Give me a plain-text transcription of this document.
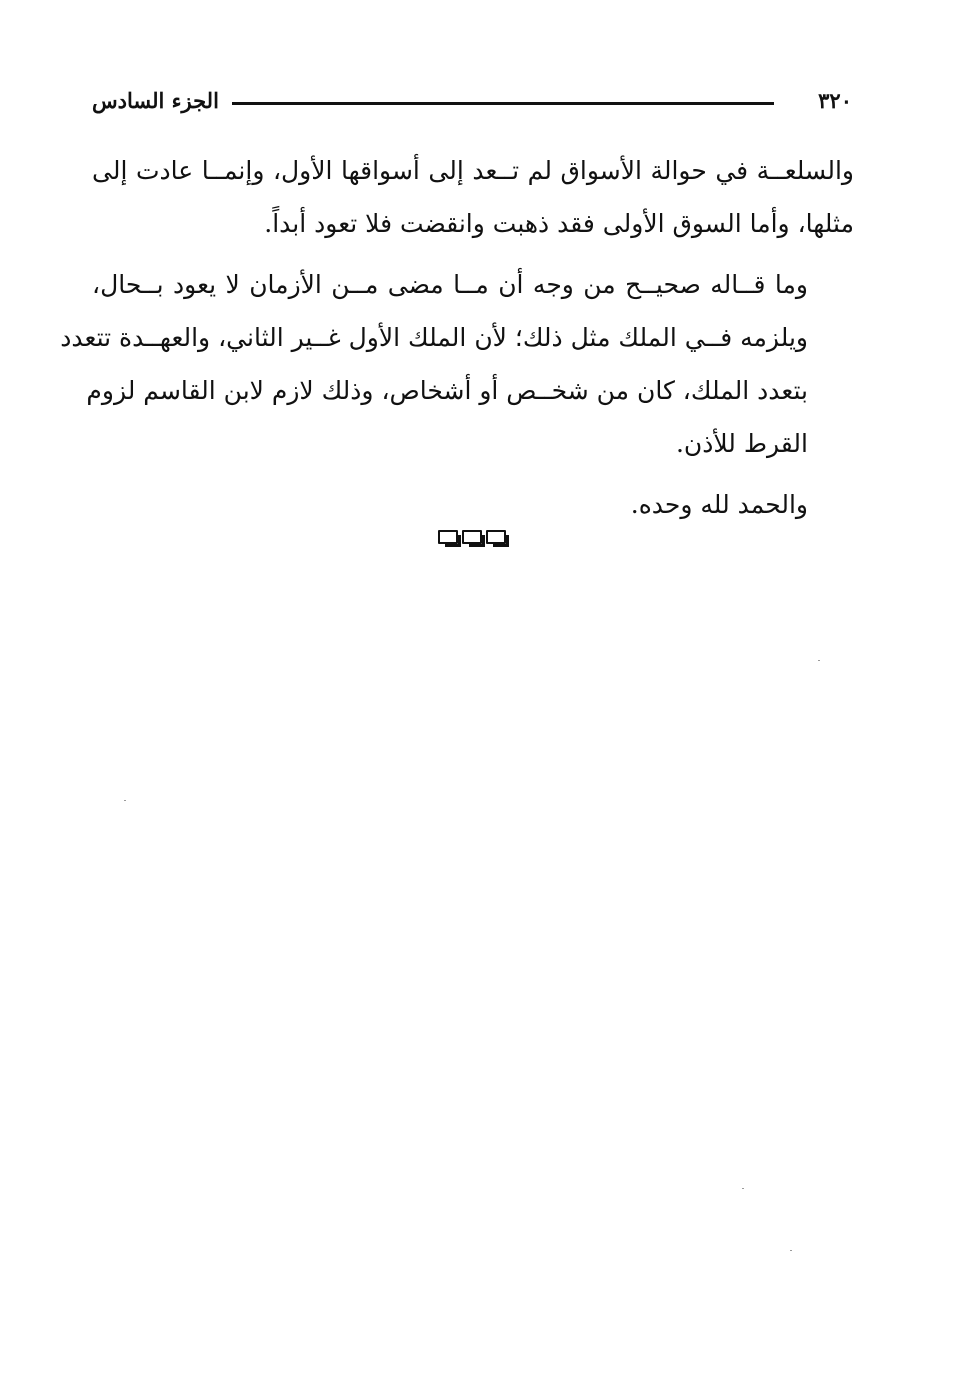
الجزء السادس	٣٢٠

والسلعــة في حوالة الأسواق لم تــعد إلى أسواقها الأول، وإنمــا عادت إلى
مثلها، وأما السوق الأولى فقد ذهبت وانقضت فلا تعود أبداً.

وما قــاله صحيــح من وجه أن مــا مضى مــن الأزمان لا يعود بــحال،
ويلزمه فــي الملك مثل ذلك؛ لأن الملك الأول غــير الثاني، والعهــدة تتعدد
بتعدد الملك، كان من شخــص أو أشخاص، وذلك لازم لابن القاسم لزوم
القرط للأذن.

والحمد لله وحده.
